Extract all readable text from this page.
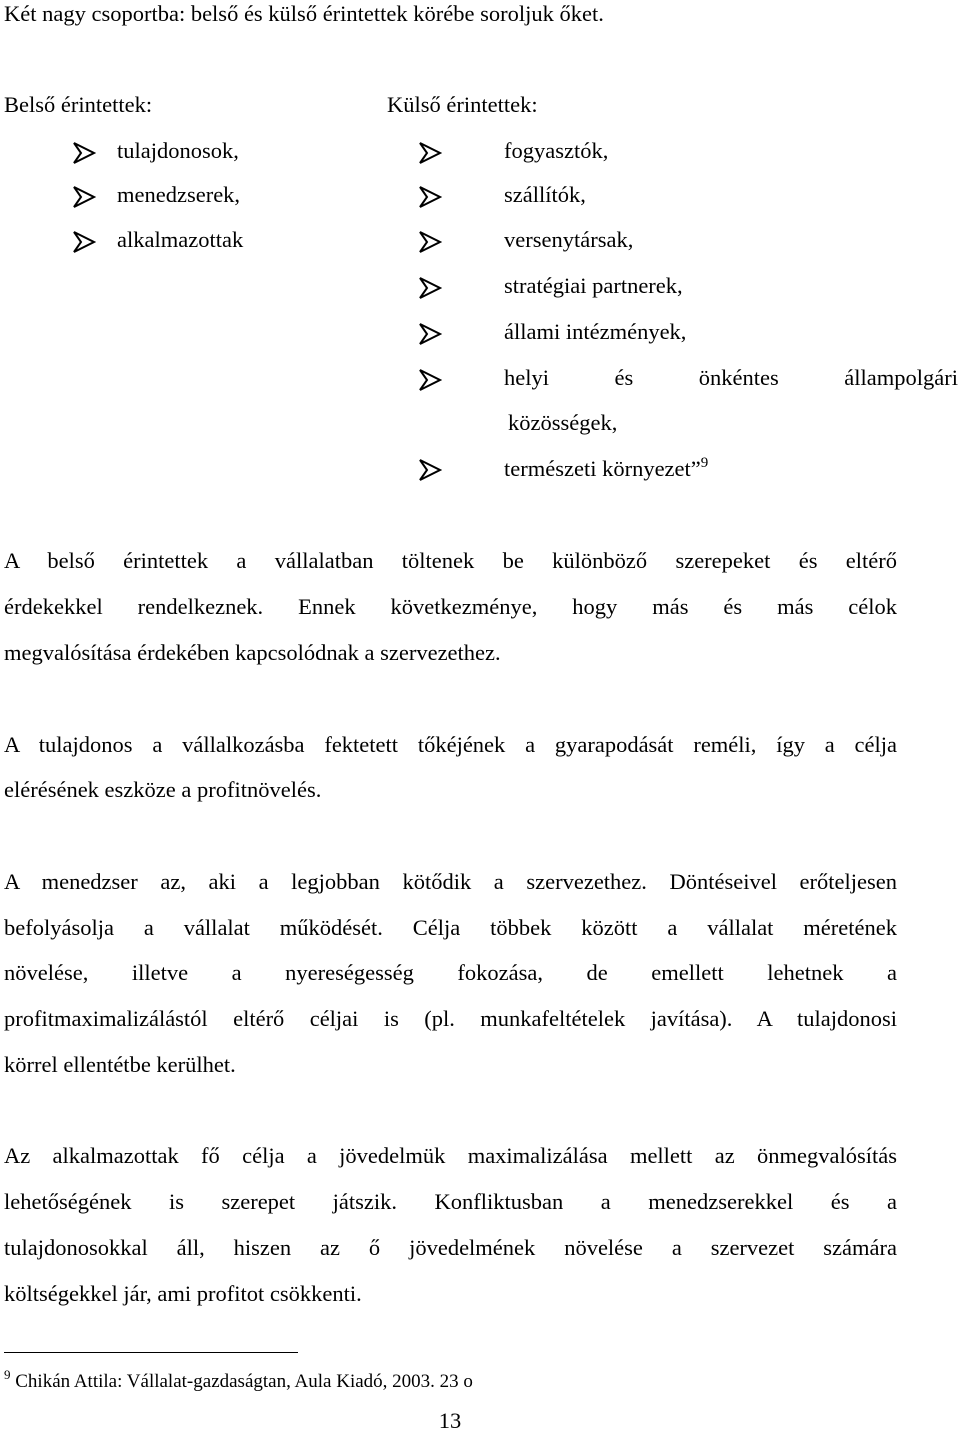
Két nagy csoportba: belső és külső érintettek körébe soroljuk őket.
Belső érintettek:
tulajdonosok,
menedzserek,
alkalmazottak
Külső érintettek:
fogyasztók,
szállítók,
versenytársak,
stratégiai partnerek,
állami intézmények,
helyi	és	önkéntes	állampolgári
közösségek,
természeti környezet”$^9$
A belső érintettek a vállalatban töltenek be különböző szerepeket és eltérő
érdekekkel rendelkeznek. Ennek következménye, hogy más és más célok
megvalósítása érdekében kapcsolódnak a szervezethez.
A tulajdonos a vállalkozásba fektetett tőkéjének a gyarapodását reméli, így a célja
elérésének eszköze a profitnövelés.
A menedzser az, aki a legjobban kötődik a szervezethez. Döntéseivel erőteljesen
befolyásolja a vállalat működését. Célja többek között a vállalat méretének
növelése, illetve a nyereségesség fokozása, de emellett lehetnek a
profitmaximalizálástól eltérő céljai is (pl. munkafeltételek javítása). A tulajdonosi
körrel ellentétbe kerülhet.
Az alkalmazottak fő célja a jövedelmük maximalizálása mellett az önmegvalósítás
lehetőségének is szerepet játszik. Konfliktusban a menedzserekkel és a
tulajdonosokkal áll, hiszen az ő jövedelmének növelése a szervezet számára
költségekkel jár, ami profitot csökkenti.
$^9$ Chikán Attila: Vállalat-gazdaságtan, Aula Kiadó, 2003. 23 o
13
